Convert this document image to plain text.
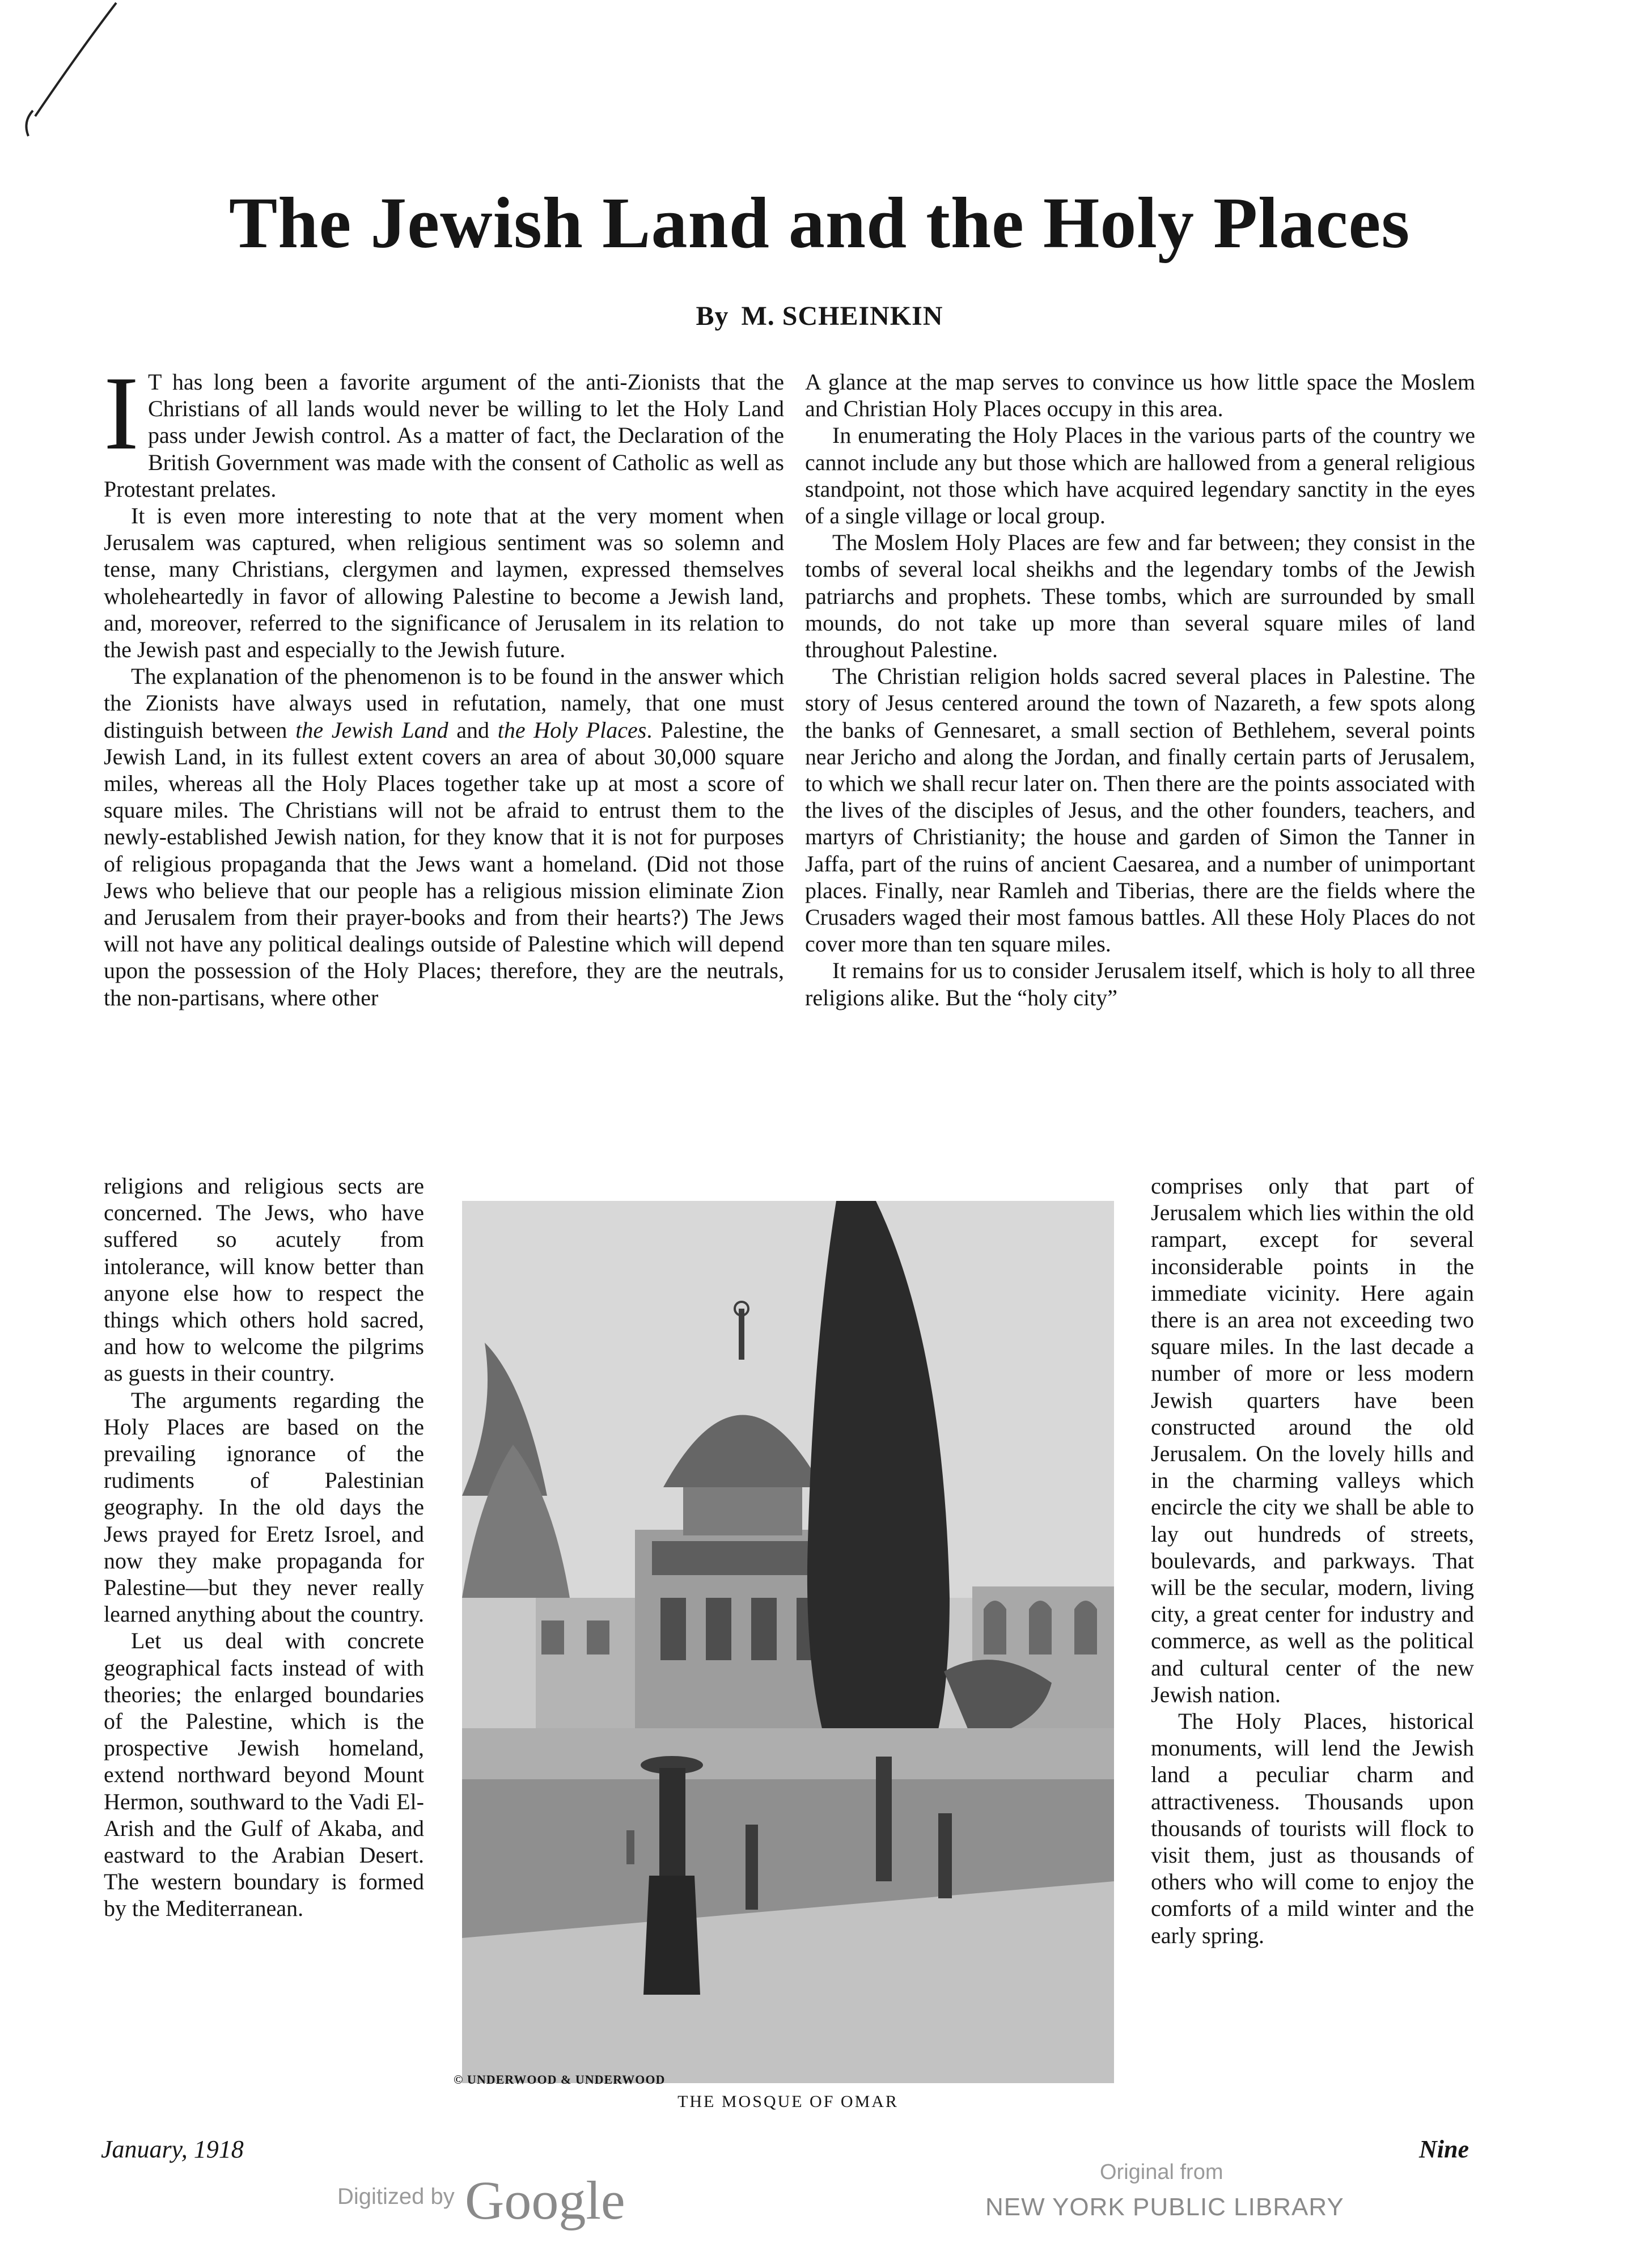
The Jewish Land and the Holy Places
By M. SCHEINKIN

I T has long been a favorite argument of the anti-Zionists that the Christians of all lands would never be willing to let the Holy Land pass under Jewish control. As a matter of fact, the Declaration of the British Government was made with the consent of Catholic as well as Protestant prelates.

It is even more interesting to note that at the very moment when Jerusalem was captured, when religious sentiment was so solemn and tense, many Christians, clergymen and laymen, expressed themselves wholeheartedly in favor of allowing Palestine to become a Jewish land, and, moreover, referred to the significance of Jerusalem in its relation to the Jewish past and especially to the Jewish future.

The explanation of the phenomenon is to be found in the answer which the Zionists have always used in refutation, namely, that one must distinguish between the Jewish Land and the Holy Places. Palestine, the Jewish Land, in its fullest extent covers an area of about 30,000 square miles, whereas all the Holy Places together take up at most a score of square miles. The Christians will not be afraid to entrust them to the newly-established Jewish nation, for they know that it is not for purposes of religious propaganda that the Jews want a homeland. (Did not those Jews who believe that our people has a religious mission eliminate Zion and Jerusalem from their prayer-books and from their hearts?) The Jews will not have any political dealings outside of Palestine which will depend upon the possession of the Holy Places; therefore, they are the neutrals, the non-partisans, where other

religions and religious sects are concerned. The Jews, who have suffered so acutely from intolerance, will know better than anyone else how to respect the things which others hold sacred, and how to welcome the pilgrims as guests in their country.

The arguments regarding the Holy Places are based on the prevailing ignorance of the rudiments of Palestinian geography. In the old days the Jews prayed for Eretz Isroel, and now they make propaganda for Palestine—but they never really learned anything about the country.

Let us deal with concrete geographical facts instead of with theories; the enlarged boundaries of the Palestine, which is the prospective Jewish homeland, extend northward beyond Mount Hermon, southward to the Vadi El-Arish and the Gulf of Akaba, and eastward to the Arabian Desert. The western boundary is formed by the Mediterranean.

A glance at the map serves to convince us how little space the Moslem and Christian Holy Places occupy in this area.

In enumerating the Holy Places in the various parts of the country we cannot include any but those which are hallowed from a general religious standpoint, not those which have acquired legendary sanctity in the eyes of a single village or local group.

The Moslem Holy Places are few and far between; they consist in the tombs of several local sheikhs and the legendary tombs of the Jewish patriarchs and prophets. These tombs, which are surrounded by small mounds, do not take up more than several square miles of land throughout Palestine.

The Christian religion holds sacred several places in Palestine. The story of Jesus centered around the town of Nazareth, a few spots along the banks of Gennesaret, a small section of Bethlehem, several points near Jericho and along the Jordan, and finally certain parts of Jerusalem, to which we shall recur later on. Then there are the points associated with the lives of the disciples of Jesus, and the other founders, teachers, and martyrs of Christianity; the house and garden of Simon the Tanner in Jaffa, part of the ruins of ancient Caesarea, and a number of unimportant places. Finally, near Ramleh and Tiberias, there are the fields where the Crusaders waged their most famous battles. All these Holy Places do not cover more than ten square miles.

It remains for us to consider Jerusalem itself, which is holy to all three religions alike. But the “holy city”

comprises only that part of Jerusalem which lies within the old rampart, except for several inconsiderable points in the immediate vicinity. Here again there is an area not exceeding two square miles. In the last decade a number of more or less modern Jewish quarters have been constructed around the old Jerusalem. On the lovely hills and in the charming valleys which encircle the city we shall be able to lay out hundreds of streets, boulevards, and parkways. That will be the secular, modern, living city, a great center for industry and commerce, as well as the political and cultural center of the new Jewish nation.

The Holy Places, historical monuments, will lend the Jewish land a peculiar charm and attractiveness. Thousands upon thousands of tourists will flock to visit them, just as thousands of others who will come to enjoy the comforts of a mild winter and the early spring.

© UNDERWOOD & UNDERWOOD
THE MOSQUE OF OMAR
January, 1918	Nine
Digitized by Google	Original from
NEW YORK PUBLIC LIBRARY
